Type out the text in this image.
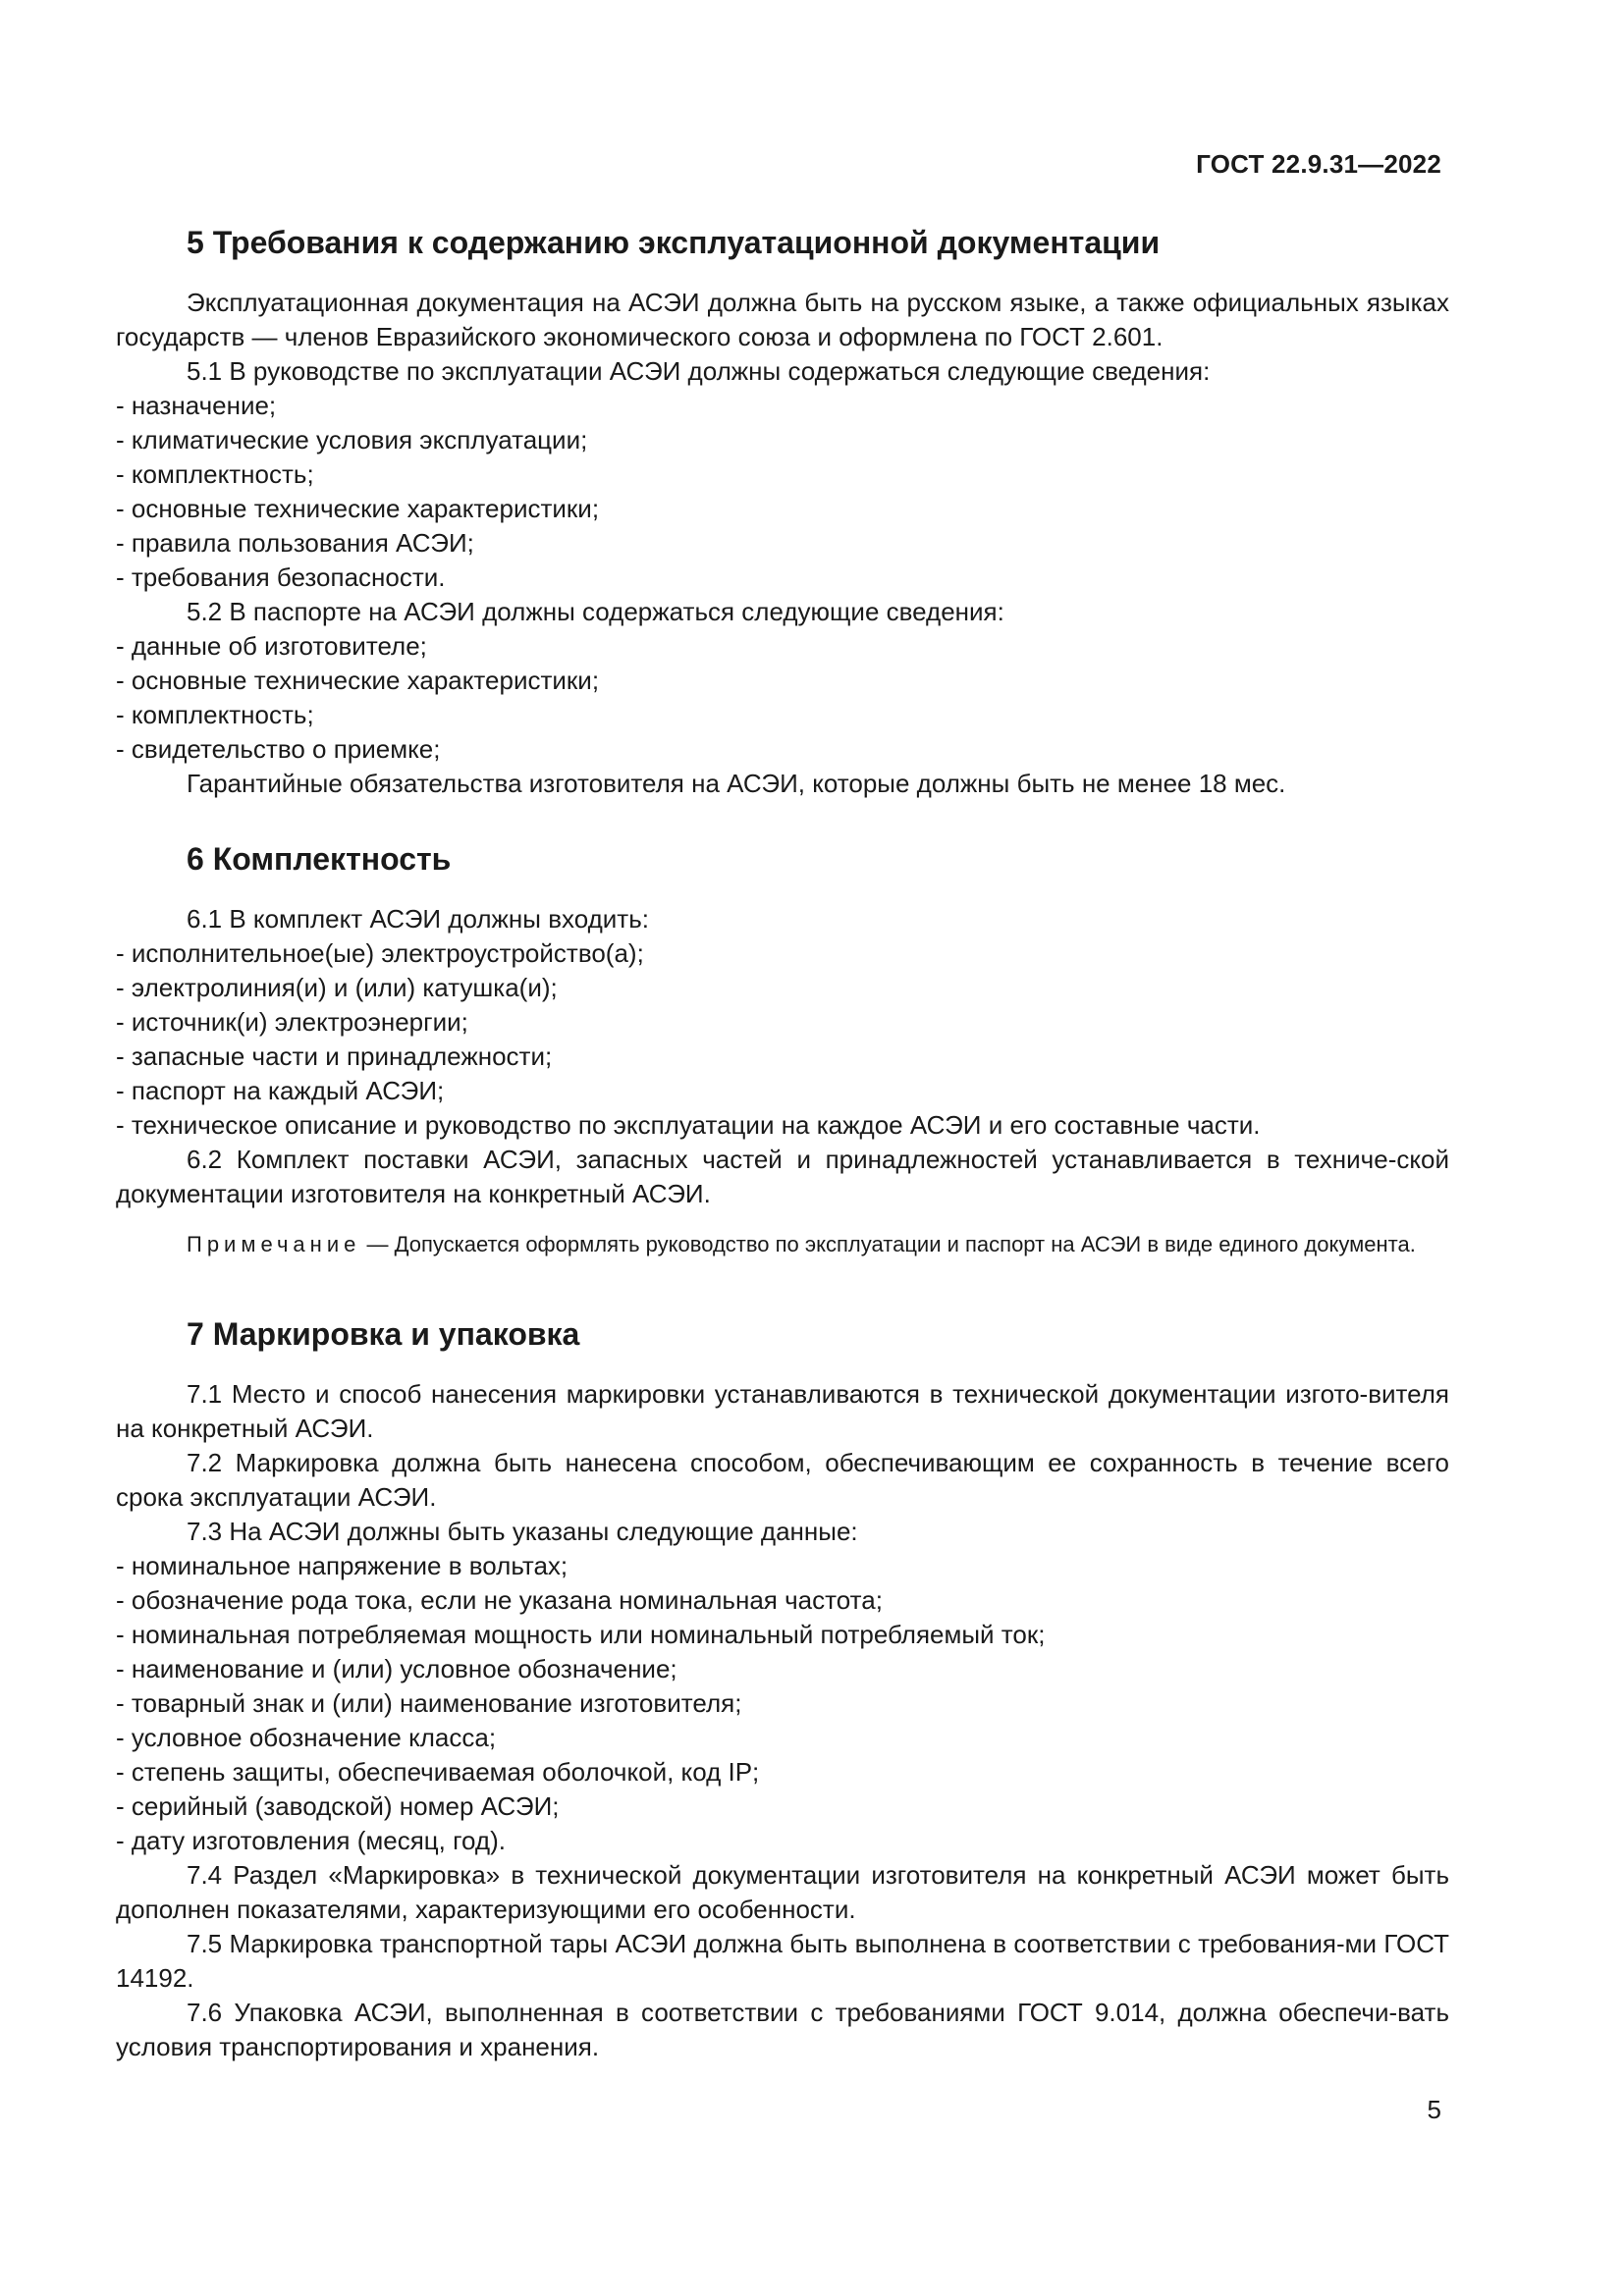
ГОСТ 22.9.31—2022
5 Требования к содержанию эксплуатационной документации

Эксплуатационная документация на АСЭИ должна быть на русском языке, а также официальных языках государств — членов Евразийского экономического союза и оформлена по ГОСТ 2.601.

5.1 В руководстве по эксплуатации АСЭИ должны содержаться следующие сведения:

- назначение;

- климатические условия эксплуатации;

- комплектность;

- основные технические характеристики;

- правила пользования АСЭИ;

- требования безопасности.

5.2 В паспорте на АСЭИ должны содержаться следующие сведения:

- данные об изготовителе;

- основные технические характеристики;

- комплектность;

- свидетельство о приемке;

Гарантийные обязательства изготовителя на АСЭИ, которые должны быть не менее 18 мес.

6 Комплектность

6.1 В комплект АСЭИ должны входить:

- исполнительное(ые) электроустройство(а);

- электролиния(и) и (или) катушка(и);

- источник(и) электроэнергии;

- запасные части и принадлежности;

- паспорт на каждый АСЭИ;

- техническое описание и руководство по эксплуатации на каждое АСЭИ и его составные части.

6.2 Комплект поставки АСЭИ, запасных частей и принадлежностей устанавливается в техниче-ской документации изготовителя на конкретный АСЭИ.

Примечание — Допускается оформлять руководство по эксплуатации и паспорт на АСЭИ в виде единого документа.

7 Маркировка и упаковка

7.1 Место и способ нанесения маркировки устанавливаются в технической документации изгото-вителя на конкретный АСЭИ.

7.2 Маркировка должна быть нанесена способом, обеспечивающим ее сохранность в течение всего срока эксплуатации АСЭИ.

7.3 На АСЭИ должны быть указаны следующие данные:

- номинальное напряжение в вольтах;

- обозначение рода тока, если не указана номинальная частота;

- номинальная потребляемая мощность или номинальный потребляемый ток;

- наименование и (или) условное обозначение;

- товарный знак и (или) наименование изготовителя;

- условное обозначение класса;

- степень защиты, обеспечиваемая оболочкой, код IP;

- серийный (заводской) номер АСЭИ;

- дату изготовления (месяц, год).

7.4 Раздел «Маркировка» в технической документации изготовителя на конкретный АСЭИ может быть дополнен показателями, характеризующими его особенности.

7.5 Маркировка транспортной тары АСЭИ должна быть выполнена в соответствии с требования-ми ГОСТ 14192.

7.6 Упаковка АСЭИ, выполненная в соответствии с требованиями ГОСТ 9.014, должна обеспечи-вать условия транспортирования и хранения.

5
